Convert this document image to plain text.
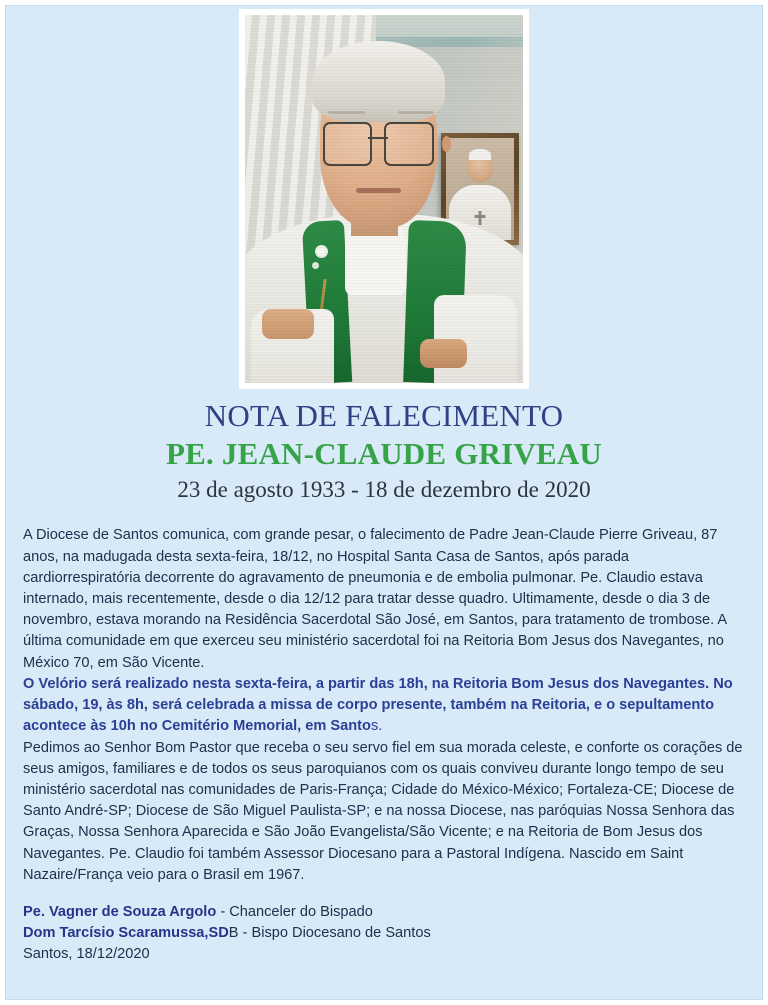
NOTA DE FALECIMENTO
PE. JEAN-CLAUDE GRIVEAU
23 de agosto 1933 - 18 de dezembro de 2020

A Diocese de Santos comunica, com grande pesar, o falecimento de Padre Jean-Claude Pierre Griveau, 87 anos, na madugada desta sexta-feira, 18/12, no Hospital Santa Casa de Santos, após parada cardiorrespiratória decorrente do agravamento de pneumonia e de embolia pulmonar. Pe. Claudio estava internado, mais recentemente, desde o dia 12/12 para tratar desse quadro. Ultimamente, desde o dia 3 de novembro, estava morando na Residência Sacerdotal São José, em Santos, para tratamento de trombose. A última comunidade em que exerceu seu ministério sacerdotal foi na Reitoria Bom Jesus dos Navegantes, no México 70, em São Vicente.

O Velório será realizado nesta sexta-feira, a partir das 18h, na Reitoria Bom Jesus dos Navegantes. No sábado, 19, às 8h, será celebrada a missa de corpo presente, também na Reitoria, e o sepultamento acontece às 10h no Cemitério Memorial, em Santos.

Pedimos ao Senhor Bom Pastor que receba o seu servo fiel em sua morada celeste, e conforte os corações de seus amigos, familiares e de todos os seus paroquianos com os quais conviveu durante longo tempo de seu ministério sacerdotal nas comunidades de Paris-França; Cidade do México-México; Fortaleza-CE; Diocese de Santo André-SP; Diocese de São Miguel Paulista-SP; e na nossa Diocese, nas paróquias Nossa Senhora das Graças, Nossa Senhora Aparecida e São João Evangelista/São Vicente; e na Reitoria de Bom Jesus dos Navegantes. Pe. Claudio foi também Assessor Diocesano para a Pastoral Indígena. Nascido em Saint Nazaire/França veio para o Brasil em 1967.

Pe. Vagner de Souza Argolo - Chanceler do Bispado

Dom Tarcísio Scaramussa,SDB - Bispo Diocesano de Santos

Santos, 18/12/2020
